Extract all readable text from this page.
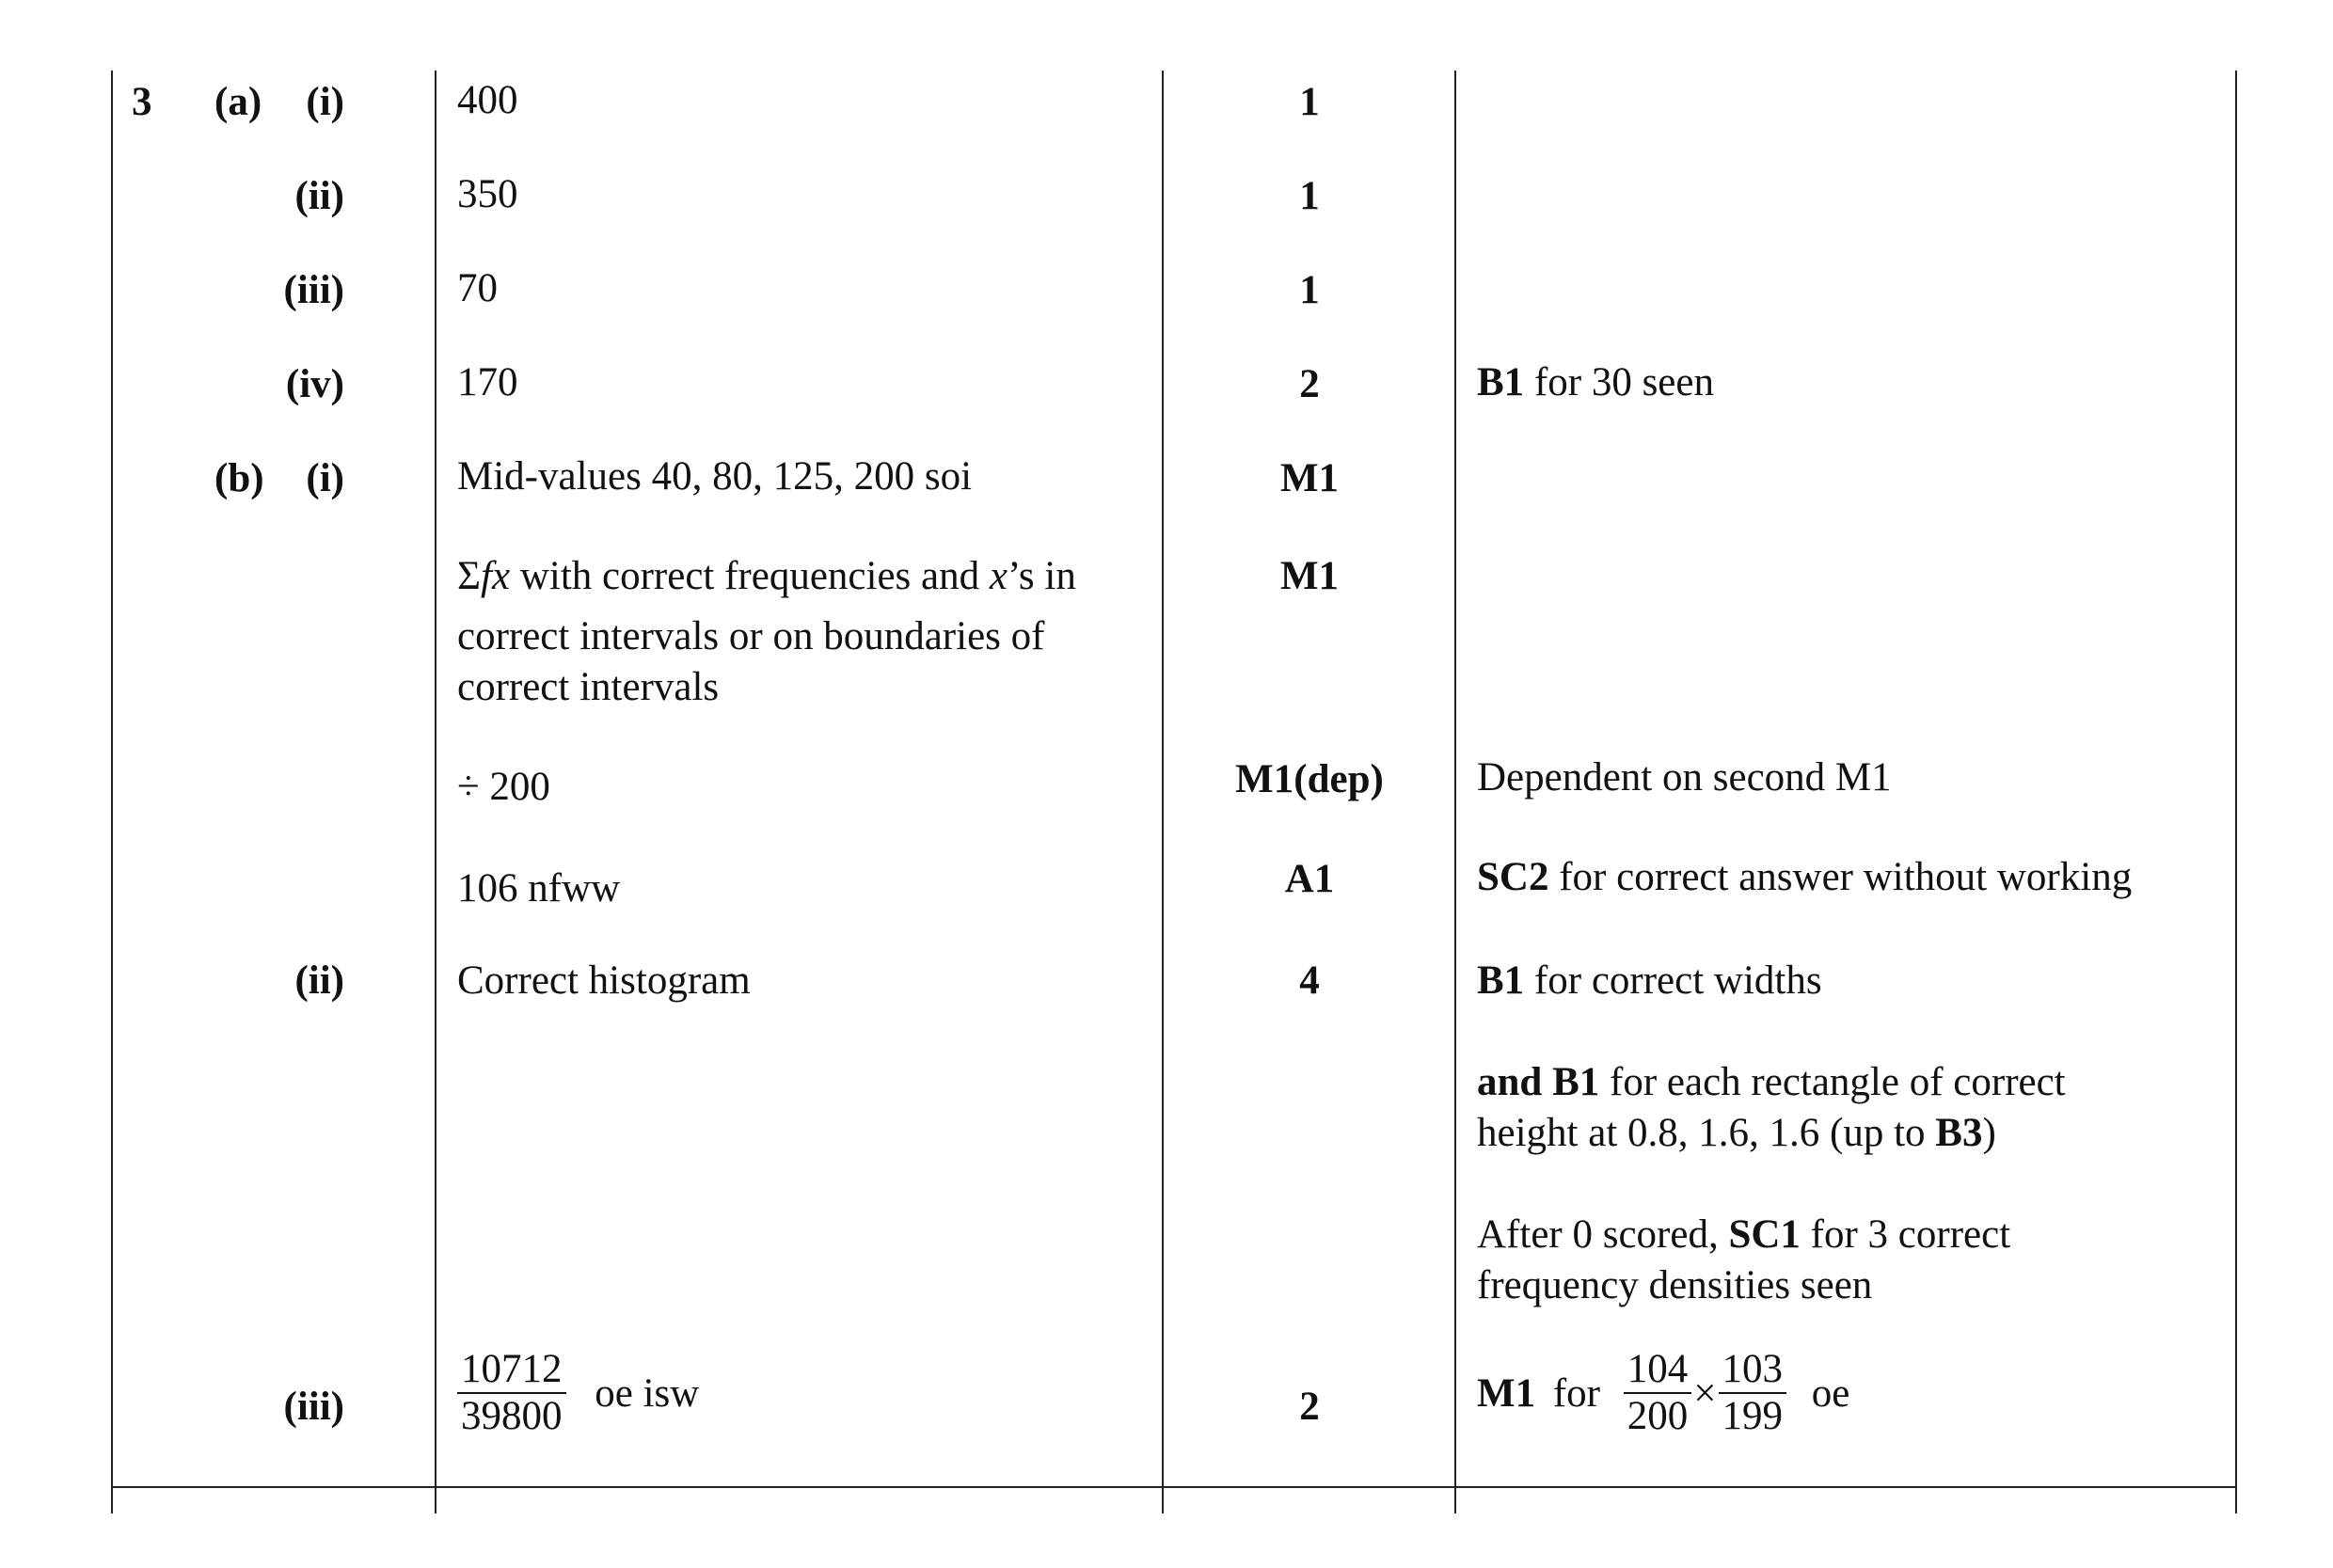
3 (a)
(b)
(i)
(ii)
(iii)
(iv)
(i)
(ii)
(iii)
400
350
70
170
Mid-values 40, 80, 125, 200 soi
Σfx with correct frequencies and x’s in
correct intervals or on boundaries of
correct intervals
÷ 200
106 nfww
Correct histogram
$\frac{10712}{39800}$ oe isw
1
1
1
2
M1
M1
M1(dep)
A1
4
2
B1 for 30 seen
Dependent on second M1
SC2 for correct answer without working
B1 for correct widths
and B1 for each rectangle of correct
height at 0.8, 1.6, 1.6 (up to B3)
After 0 scored, SC1 for 3 correct
frequency densities seen
M1 for $\frac{104}{200} \times \frac{103}{199}$ oe
